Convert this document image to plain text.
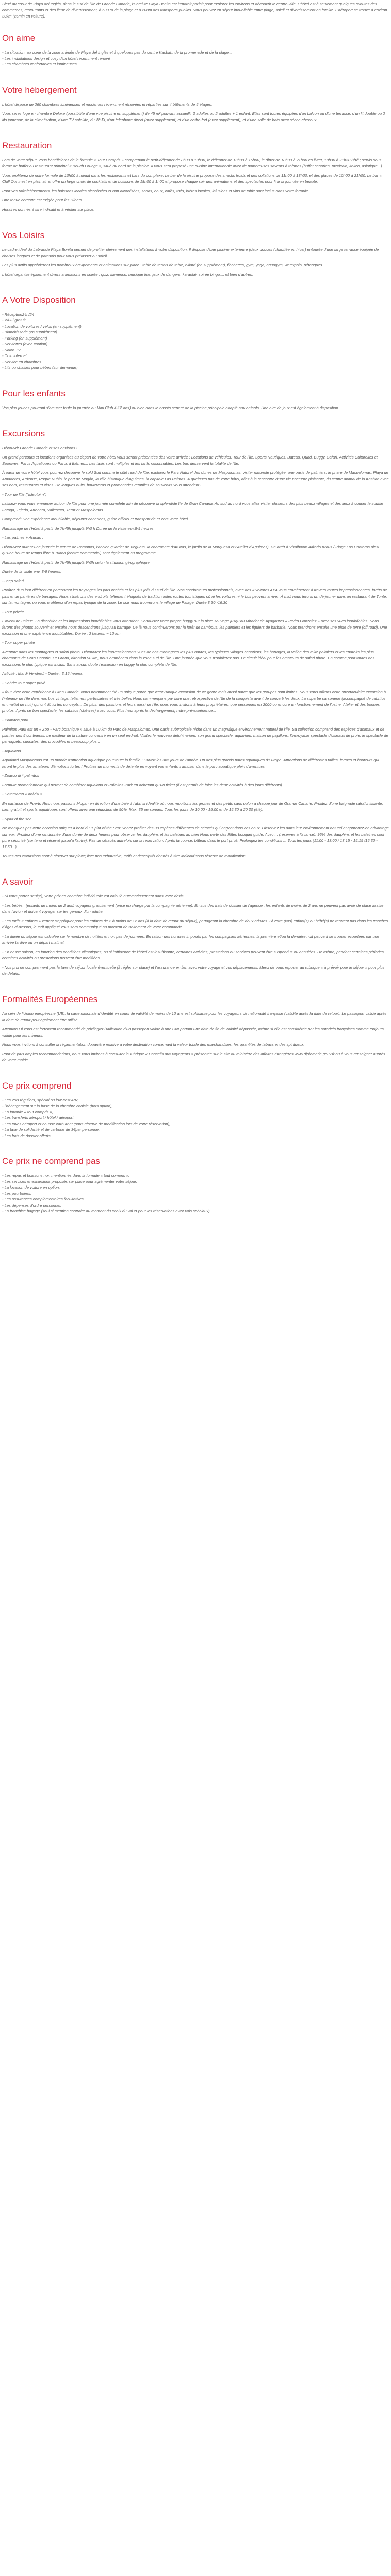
Situé au cœur de Playa del Inglés, dans le sud de l'île de Grande Canarie, l'Hotel 4* Playa Bonita est l'endroit parfait pour explorer les environs et découvrir le centre-ville. L'hôtel est à seulement quelques minutes des commerces, restaurants et des lieux de divertissement, à 500 m de la plage et à 200m des transports publics. Vous pouvez en séjour inoubliable entre plage, soleil et divertissement en famille. L'aéroport se trouve à environ 30km (25min en voiture).

On aime
- La situation, au cœur de la zone animée de Playa del Inglés et à quelques pas du centre Kasbah, de la promenade et de la plage...
- Les installations design et cosy d'un hôtel récemment rénové
- Les chambres confortables et lumineuses
Votre hébergement

L'hôtel dispose de 260 chambres lumineuses et modernes récemment rénovées et réparties sur 4 bâtiments de 5 étages.

Vous serez logé en chambre Deluxe (possibilité d'une vue piscine en supplément) de 45 m² pouvant accueillir 3 adultes ou 2 adultes + 1 enfant. Elles sont toutes équipées d'un balcon ou d'une terrasse, d'un lit double ou 2 lits jumeaux, de la climatisation, d'une TV satellite, du Wi-Fi, d'un téléphone direct (avec supplément) et d'un coffre-fort (avec supplément), et d'une salle de bain avec sèche-cheveux.

Restauration

Lors de votre séjour, vous bénéficierez de la formule « Tout Compris » comprenant le petit-déjeuner de 8h00 à 10h30, le déjeuner de 13h00 à 15h00, le dîner de 18h00 à 21h00 en livrer, 18h30 à 21h30 l'été ; servis sous forme de buffet au restaurant principal « Bouch Lounge », situé au bord de la piscine. Il vous sera proposé une cuisine internationale avec de nombreuses saveurs à thèmes (buffet canarien, mexicain, italien, asiatique...).

Vous profiterez de notre formule de 10h00 à minuit dans les restaurants et bars du complexe. Le bar de la piscine propose des snacks froids et des collations de 11h00 à 18h00, et des glaces de 10h00 à 21h00. Le bar « Chill Out » est en plein air et offre un large choix de cocktails et de boissons de 18h00 à 1h00 et propose chaque soir des animations et des spectacles pour finir la journée en beauté.

Pour vos rafraîchissements, les boissons locales alcoolisées et non alcoolisées, sodas, eaux, cafés, thés, bières locales, infusions et vins de table sont inclus dans votre formule.

Une tenue correcte est exigée pour les Dîners.

Horaires donnés à titre indicatif et à vérifier sur place.

Vos Loisirs

Le cadre idéal du Labrande Playa Bonita permet de profiter pleinement des installations à votre disposition. Il dispose d'une piscine extérieure (deux douces (chauffée en hiver) entourée d'une large terrasse équipée de chaises longues et de parasols pour vous prélasser au soleil.

Les plus actifs apprécieront les nombreux équipements et animations sur place : table de tennis de table, billard (en supplément), fléchettes, gym, yoga, aquagym, waterpolo, pétanques...

L'hôtel organise également divers animations en soirée : quiz, flamenco, musique live, jeux de dangers, karaoké, soirée bingo,... et bien d'autres.

A Votre Disposition
- Réception24h/24
- Wi-Fi gratuit
- Location de voitures / vélos (en supplément)
- Blanchisserie (en supplément)
- Parking (en supplément)
- Serviettes (avec caution)
- Salon TV
- Coin internet
- Service en chambres
- Lits ou chaises pour bébés (sur demande)
Pour les enfants

Vos plus jeunes pourront s'amuser toute la journée au Mini Club 4-12 ans) ou bien dans le bassin séparé de la piscine principale adapté aux enfants. Une aire de jeux est également à disposition.

Excursions

Découvrir Grande Canarie et ses environs !

Un grand parcours et locations organisés au départ de votre hôtel vous seront présentées dès votre arrivée : Locations de véhicules, Tour de l'île, Sports Nautiques, Bateau, Quad, Buggy, Safari, Activités Culturelles et Sportives, Parcs Aquatiques ou Parcs à thèmes... Les taxis sont multiples et les tarifs raisonnables. Les bus desservent la totalité de l'île.

À partir de votre hôtel vous pourrez découvrir le sold Sud comme le côté nord de l'île, explorez le Parc Naturel des dunes de Maspalomas, visiter naturelle protégée, une oasis de palmiers, le phare de Maspalomas, Playa de Amadores, Ardenue, Roque Nublo, le port de Mogán, la ville historique d'Agüimes, la capitale Las Palmas. À quelques pas de votre hôtel, allez à la rencontre d'une vie nocturne plaisante, du centre animal de la Kasbah avec ses bars, restaurants et clubs. De longues nuits, boulevards et promenades remplies de souvenirs vous attendent !

- Tour de l'île ("Isleutoi n")

Laissez- vous vous emmener autour de l'île pour une journée complète afin de découvrir la splendide île de Gran Canaria. Au sud au nord vous allez visiter plusieurs des plus beaux villages et des lieux à couper le souffle Fataga, Tejeda, Artenara, Valleseco, Teror et Maspalomas.

Comprend: Une expérience inoubliable, déjeuner canariens, guide officiel et transport de et vers votre hôtel.

Ramassage de l'Hôtel à partir de 7h45h jusqu'à 9h0 h Durée de la visite env.8-9 heures.

- Las palmes + Arucas :

Découvrez durant une journée le centre de Romanos, l'ancien quartier de Vegueta, la charmante d'Arucas, le jardin de la Marquesa et l'Atelier d'Agüimes). Un arrêt à Vivalboom Alfredo Kraus / Plage Las Canteras ainsi qu'une heure de temps libre à Triana (centre commercial) sont également au programme.

Ramassage de l'Hôtel à partir de 7h45h jusqu'à 9h0h selon la situation géographique

Durée de la visite env. 8-9 heures.

- Jeep safari

Profitez d'un jour différent en parcourant les paysages les plus cachés et les plus jolis du sud de l'île. Nos conducteurs professionnels, avec des « voitures 4X4 vous emmèneront à travers routes impressionnantes, forêts de pins et de paniéres de barrages. Nous s'intérons des endroits tellement éloignés de traditionnelles routes touristiques où ni les voitures ni le bus peuvent arriver. À midi nous ferons un dérjeuner dans un restaurant de Tunte, sur la montagne, où vous profiterez d'un repas typique de la zone. Le soir nous trouverons le village de Palage. Durée 8:30 -16:30

- Tour privée

L'aventure unique. La discrétion et les impressions inoubliables vous attendent. Conduisez votre propre buggy sur la piste sauvage jusqu'au Mirador de Ayagaures « Pedro Gonzalez » avec ses vues inoubliables. Nous ferons des photos souvenir et ensuite nous descendrons jusqu'au barrage. De là nous continuerons par la forêt de bambous, les palmiers et les figuiers de barbarie. Nous prendrons ensuite une piste de terre (off road). Une excursion et une expérience inoubliables. Durée : 2 heures, ~ 10 km

- Tour super privée

Aventure dans les montagnes et safari photo. Découvrez les impressionnants vues de nos montagnes les plus hautes, les typiques villages canariens, les barrages, la vallée des mille palmiers et les endroits les plus charmants de Gran Canaria. Le Grand, direction 90 km, nous emmènera dans la zone sud de l'île. Une journée que vous n'oublierez pas. Le circuit idéal pour les amateurs de safari photo. En comme pour toutes nos excursions le plus typique est inclus. Sans aucun doute l'excursion en buggy la plus complète de l'île.

Activité : Mardi Vendredi - Durée : 3.15 heures

- Cabrito tour super privé

Il faut vivre cette expérience à Gran Canaria. Nous notamment été un unique parce que c'est l'unique excursion de ce genre mais aussi parce que les groupes sont limités. Nous vous offrons cette spectaculaire excursion à l'intérieur de l'île dans nos bus vintage, tellement particulières et très belles Nous commençons par faire une rétrospective de l'île de la conquista avant de converti les deux. La superbe carsonerie (accompagné de cabritos en maillot de nuit) qui ont dû ici les concepts... De plus, des passions et leurs aussi de l'île, nous vous invitons à leurs propriétaires, que personnes en 2000 ou encore un fonctionnement de l'usine. Atelier et des bonnes photos. Après ce bon spectacle, les cabritos (chèvres) avec vous. Plus haut après la déchargement, notre pré-expérience...

- Palmitos park

Palmitos Park est un « Zoo - Parc botanique » situé à 10 km du Parc de Maspalomas. Une oasis subtropicale niche dans un magnifique environnement naturel de l'île. Sa collection comprend des espèces d'animaux et de plantes des 5 continents. Le meilleur de la nature concentré en un seul endroit. Visitez le nouveau delphinarium, son grand spectacle, aquarium, maison de papillons, l'incroyable spectacle d'oiseaux de proie, le spectacle de perroquets, suricates, des crocodiles et beaucoup plus...

- Aqualand

Aqualand Maspalomas est un monde d'attraction aquatique pour toute la famille ! Ouvert les 365 jours de l'année. Un des plus grands parcs aquatiques d'Europe. Attractions de différentes tailles, formes et hauteurs qui feront le plus des amateurs d'émotions fortes ! Profitez de moments de détente en voyant vos enfants s'amuser dans le parc aquatique plein d'aventure.

- Zparco di * palmitos

Formule promotionnelle qui permet de combiner Aqualand et Palmitos Park en achetant qu'un ticket (il est permis de faire les deux activités à des jours différents).

- Catamaran « ahlvisi »

En partance de Puerto Rico nous passons Mogan en direction d'une baie à l'abri si idéalité où nous mouillons les grottes et des petits sans qu'on a chaque jour de Grande Canarie. Profitez d'une baignade rafraîchissante, bien gratuit et sports aquatiques sont offerts avec une réduction de 50%. Max. 35 personnes. Tous les jours de 10:00 - 15:00 et de 15:30 à 20:30 (été).

- Spirit of the sea

Ne manquez pas cette occasion unique! A bord du "Spirit of the Sea" venez profiter des 30 espèces différentes de cétacés qui nagent dans ces eaux. Observez les dans leur environnement naturel et apprenez-en advantage sur eux. Profitez d'une randonnée d'une durée de deux heures pour observer les dauphins et les baleines au bien Nous partir des flûtes bouquet guide. Avec ... (réservez à l'avance), 95% des dauphins et les baleines sont pure sécurisé (contenu et réservé jusqu'à l'autre). Pas de cétacés autrefois sur la réservation. Après la course, bâteau dans le port privé. Prolongez les conditions ... Tous les jours (11:00 - 13:00 / 13:15 - 15:15 /15:30 - 17:30...).

Toutes ces excursions sont à réserver sur place; liste non exhaustive, tarifs et descriptifs donnés à titre indicatif sous réserve de modification.

A savoir

- Si vous partez seul(e), votre prix en chambre individuelle est calculé automatiquement dans votre devis.

- Les bébés : (enfants de moins de 2 ans) voyagent gratuitement (prise en charge par la compagnie aérienne). En sus des frais de dossier de l'agence : les enfants de moins de 2 ans ne peuvent pas avoir de place assise dans l'avion et doivent voyager sur les genoux d'un adulte.

- Les tarifs « enfants » venant s'appliquer pour les enfants de 2 à moins de 12 ans (à la date de retour du séjour), partageant la chambre de deux adultes. Si votre (vos) enfant(s) ou bébé(s) ne rentrent pas dans les tranches d'âges ci-dessus, le tarif appliqué vous sera communiqué au moment de traitement de votre commande.

- La durée du séjour est calculée sur le nombre de nuitées et non pas de journées. En raison des horaires imposés par les compagnies aériennes, la première et/ou la dernière nuit peuvent se trouver écourtées par une arrivée tardive ou un départ matinal.

- En basse saison, en fonction des conditions climatiques, ou si l'affluence de l'hôtel est insuffisante, certaines activités, prestations ou services peuvent être suspendus ou annulées. De même, pendant certaines périodes, certaines activités ou prestations peuvent être modifiées.

- Nos prix ne comprennent pas la taxe de séjour locale éventuelle (à régler sur place) et l'assurance en lien avec votre voyage et vos déplacements. Merci de vous reporter au rubrique « à prévoir pour le séjour » pour plus de détails.

Formalités Européennes

Au sein de l'Union européenne (UE), la carte nationale d'identité en cours de validité de moins de 10 ans est suffisante pour les voyageurs de nationalité française (validité après la date de retour). Le passeport valide après la date de retour peut également être utilisé.

Attention ! Il vous est fortement recommandé de privilégier l'utilisation d'un passeport valide à une CNI portant une date de fin de validité dépassée, même si elle est considérée par les autorités françaises comme toujours valide pour les mineurs.

Nous vous invitons à consulter la réglementation douanière relative à votre destination concernant la valeur totale des marchandises, les quantités de tabacs et des spiritueux.

Pour de plus amples recommandations, nous vous invitons à consulter la rubrique « Conseils aux voyageurs » présentée sur le site du ministère des affaires étrangères www.diplomatie.gouv.fr ou à vous renseigner auprès de votre mairie.

Ce prix comprend
- Les vols réguliers, spécial ou low-cost A/R,
- l'hébergement sur la base de la chambre choisie (hors option),
- La formule « tout compris »,
- Les transferts aéroport / hôtel / aéroport
- Les taxes aéroport et hausse carburant (sous réserve de modification lors de votre réservation),
- La taxe de solidarité et de carbone de 3€par personne,
- Les frais de dossier offerts.
Ce prix ne comprend pas
- Les repas et boissons non mentionnés dans la formule « tout compris »,
- Les services et excursions proposés sur place pour agrémenter votre séjour,
- La location de voiture en option,
- Les pourboires,
- Les assurances complémentaires facultatives,
- Les dépenses d'ordre personnel,
- La franchise bagage (soul si mention contraire au moment du choix du vol et pour les réservations avec vols spéciaux).
